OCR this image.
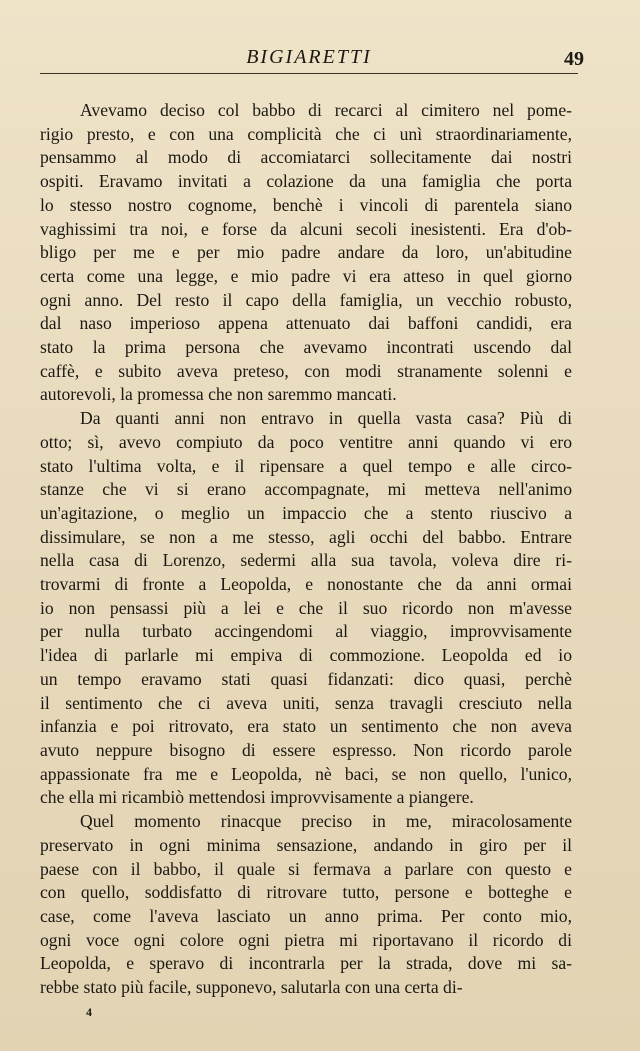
BIGIARETTI	49
Avevamo deciso col babbo di recarci al cimitero nel pome-
rigio presto, e con una complicità che ci unì straordinariamente,
pensammo al modo di accomiatarci sollecitamente dai nostri
ospiti. Eravamo invitati a colazione da una famiglia che porta
lo stesso nostro cognome, benchè i vincoli di parentela siano
vaghissimi tra noi, e forse da alcuni secoli inesistenti. Era d'ob-
bligo per me e per mio padre andare da loro, un'abitudine
certa come una legge, e mio padre vi era atteso in quel giorno
ogni anno. Del resto il capo della famiglia, un vecchio robusto,
dal naso imperioso appena attenuato dai baffoni candidi, era
stato la prima persona che avevamo incontrati uscendo dal
caffè, e subito aveva preteso, con modi stranamente solenni e
autorevoli, la promessa che non saremmo mancati.
Da quanti anni non entravo in quella vasta casa? Più di
otto; sì, avevo compiuto da poco ventitre anni quando vi ero
stato l'ultima volta, e il ripensare a quel tempo e alle circo-
stanze che vi si erano accompagnate, mi metteva nell'animo
un'agitazione, o meglio un impaccio che a stento riuscivo a
dissimulare, se non a me stesso, agli occhi del babbo. Entrare
nella casa di Lorenzo, sedermi alla sua tavola, voleva dire ri-
trovarmi di fronte a Leopolda, e nonostante che da anni ormai
io non pensassi più a lei e che il suo ricordo non m'avesse
per nulla turbato accingendomi al viaggio, improvvisamente
l'idea di parlarle mi empiva di commozione. Leopolda ed io
un tempo eravamo stati quasi fidanzati: dico quasi, perchè
il sentimento che ci aveva uniti, senza travagli cresciuto nella
infanzia e poi ritrovato, era stato un sentimento che non aveva
avuto neppure bisogno di essere espresso. Non ricordo parole
appassionate fra me e Leopolda, nè baci, se non quello, l'unico,
che ella mi ricambiò mettendosi improvvisamente a piangere.
Quel momento rinacque preciso in me, miracolosamente
preservato in ogni minima sensazione, andando in giro per il
paese con il babbo, il quale si fermava a parlare con questo e
con quello, soddisfatto di ritrovare tutto, persone e botteghe e
case, come l'aveva lasciato un anno prima. Per conto mio,
ogni voce ogni colore ogni pietra mi riportavano il ricordo di
Leopolda, e speravo di incontrarla per la strada, dove mi sa-
rebbe stato più facile, supponevo, salutarla con una certa di-
4
